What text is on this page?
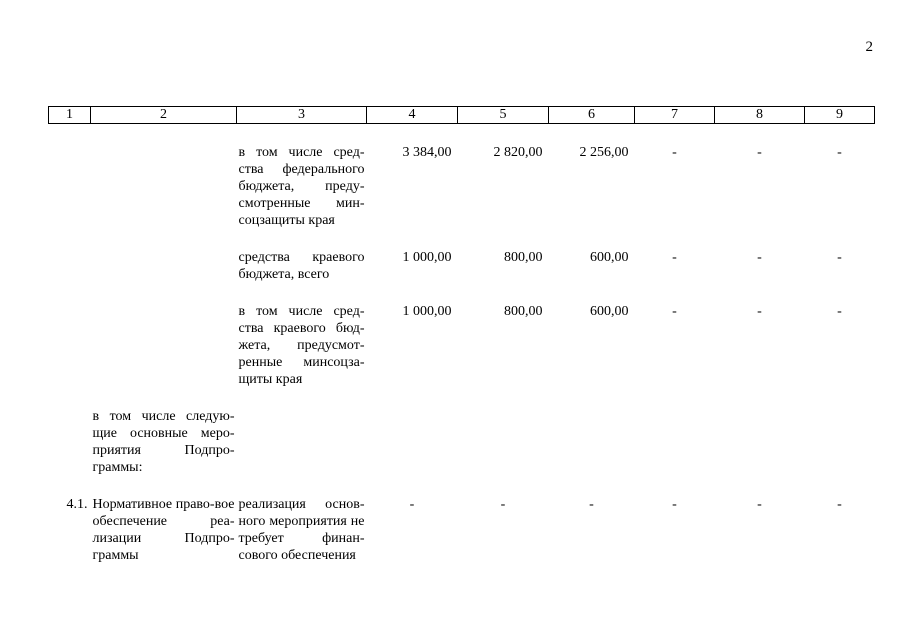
2
1	2	3	4	5	6	7	8	9

		в том числе сред-ства федерального бюджета, преду-смотренные мин-соцзащиты края	3 384,00	2 820,00	2 256,00	-	-	-

		средства краевого бюджета, всего	1 000,00	800,00	600,00	-	-	-

		в том числе сред-ства краевого бюд-жета, предусмот-ренные минсоцза-щиты края	1 000,00	800,00	600,00	-	-	-

	в том числе следую-щие основные меро-приятия Подпро-граммы:							

4.1.	Нормативное право-вое обеспечение реа-лизации Подпро-граммы	реализация основ-ного мероприятия не требует финан-сового обеспечения	-	-	-	-	-	-
